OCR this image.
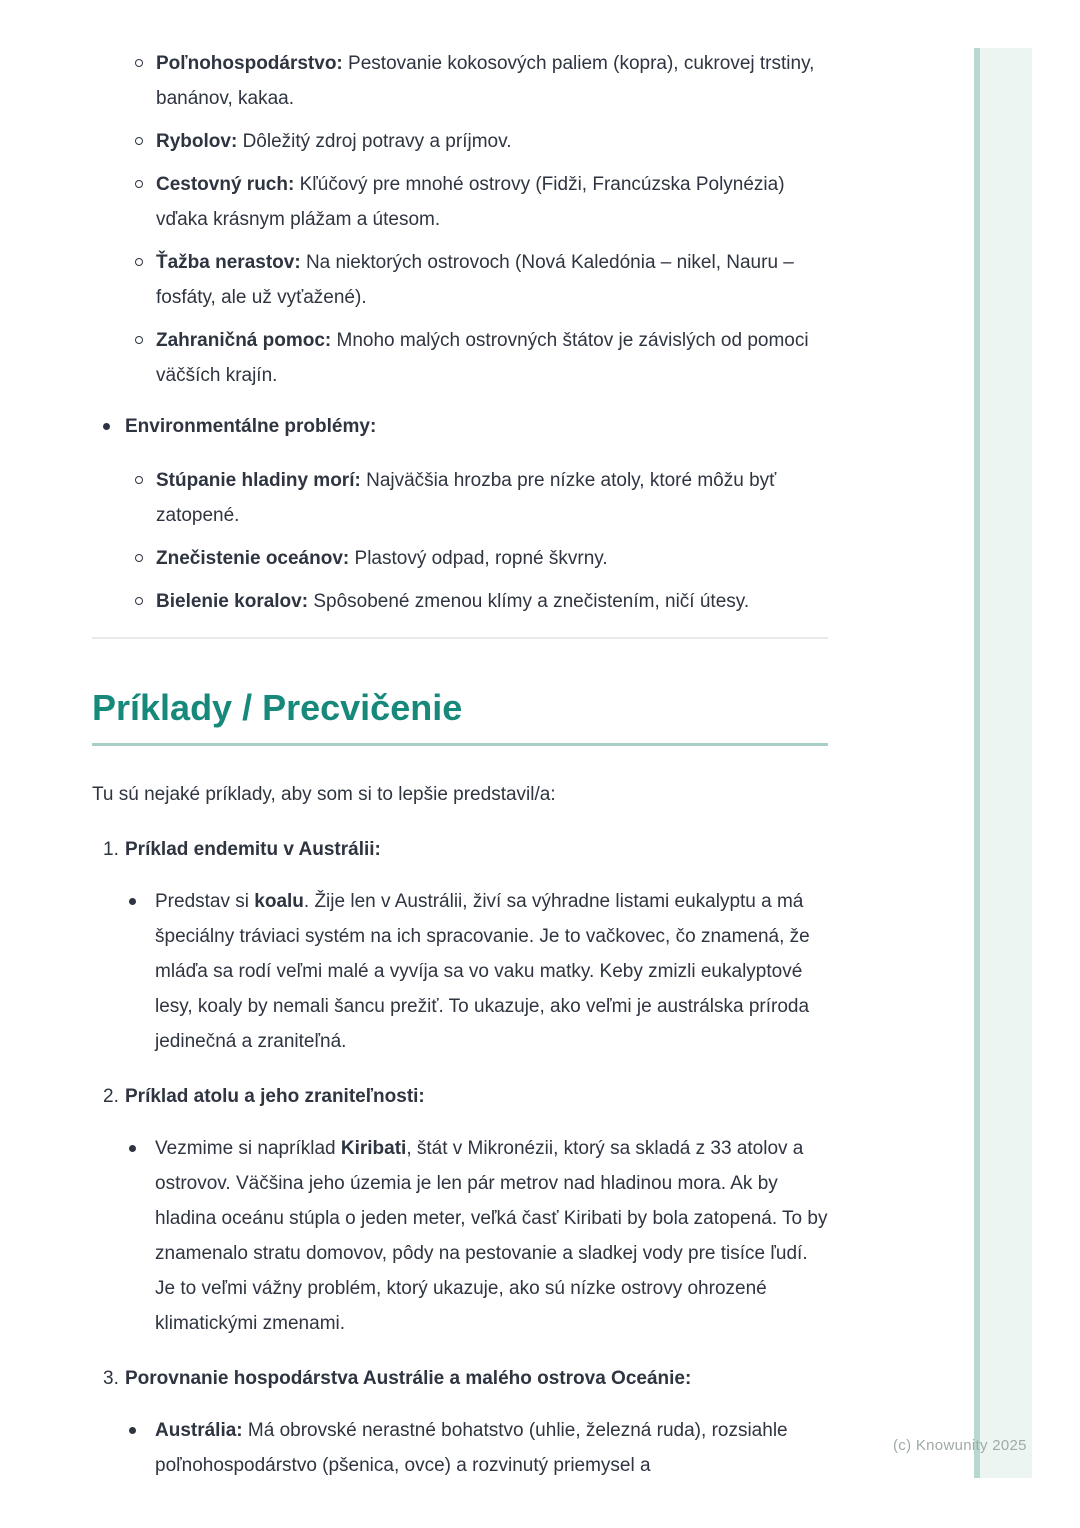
(c) Knowunity 2025

Poľnohospodárstvo: Pestovanie kokosových paliem (kopra), cukrovej trstiny, banánov, kakaa.

Rybolov: Dôležitý zdroj potravy a príjmov.

Cestovný ruch: Kľúčový pre mnohé ostrovy (Fidži, Francúzska Polynézia) vďaka krásnym plážam a útesom.

Ťažba nerastov: Na niektorých ostrovoch (Nová Kaledónia – nikel, Nauru – fosfáty, ale už vyťažené).

Zahraničná pomoc: Mnoho malých ostrovných štátov je závislých od pomoci väčších krajín.

Environmentálne problémy:

Stúpanie hladiny morí: Najväčšia hrozba pre nízke atoly, ktoré môžu byť zatopené.

Znečistenie oceánov: Plastový odpad, ropné škvrny.

Bielenie koralov: Spôsobené zmenou klímy a znečistením, ničí útesy.

Príklady / Precvičenie

Tu sú nejaké príklady, aby som si to lepšie predstavil/a:

1. Príklad endemitu v Austrálii:

Predstav si koalu. Žije len v Austrálii, živí sa výhradne listami eukalyptu a má špeciálny tráviaci systém na ich spracovanie. Je to vačkovec, čo znamená, že mláďa sa rodí veľmi malé a vyvíja sa vo vaku matky. Keby zmizli eukalyptové lesy, koaly by nemali šancu prežiť. To ukazuje, ako veľmi je austrálska príroda jedinečná a zraniteľná.

2. Príklad atolu a jeho zraniteľnosti:

Vezmime si napríklad Kiribati, štát v Mikronézii, ktorý sa skladá z 33 atolov a ostrovov. Väčšina jeho územia je len pár metrov nad hladinou mora. Ak by hladina oceánu stúpla o jeden meter, veľká časť Kiribati by bola zatopená. To by znamenalo stratu domovov, pôdy na pestovanie a sladkej vody pre tisíce ľudí. Je to veľmi vážny problém, ktorý ukazuje, ako sú nízke ostrovy ohrozené klimatickými zmenami.

3. Porovnanie hospodárstva Austrálie a malého ostrova Oceánie:

Austrália: Má obrovské nerastné bohatstvo (uhlie, železná ruda), rozsiahle poľnohospodárstvo (pšenica, ovce) a rozvinutý priemysel a
